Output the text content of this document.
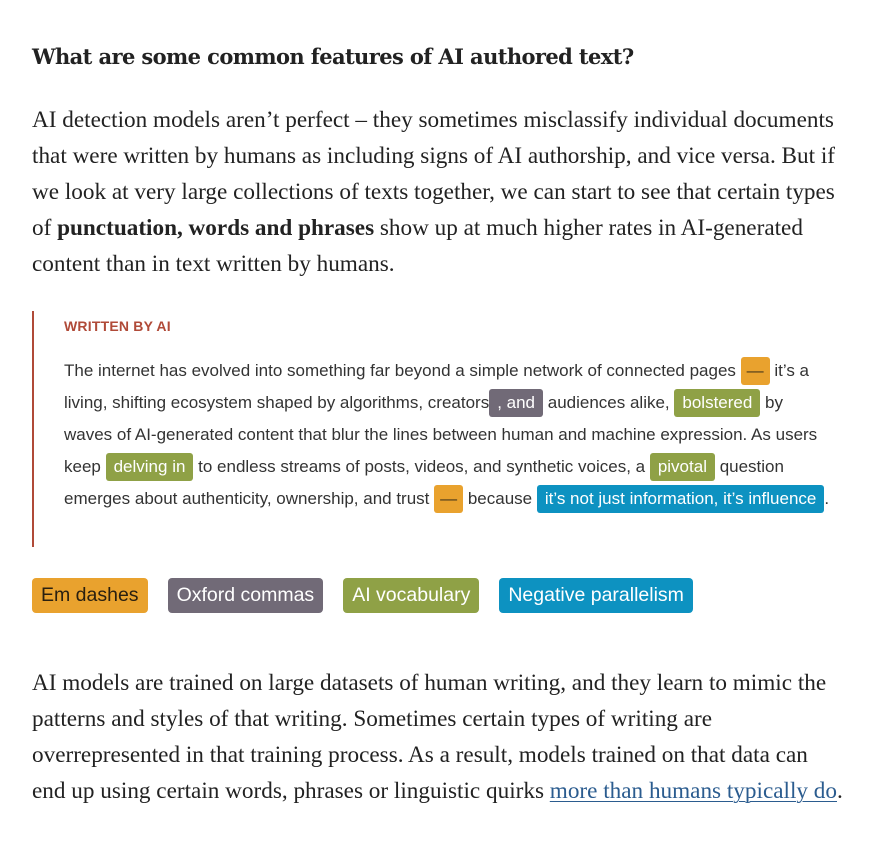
What are some common features of AI authored text?

AI detection models aren’t perfect – they sometimes misclassify individual documents that were written by humans as including signs of AI authorship, and vice versa. But if we look at very large collections of texts together, we can start to see that certain types of punctuation, words and phrases show up at much higher rates in AI-generated content than in text written by humans.

WRITTEN BY AI

The internet has evolved into something far beyond a simple network of connected pages — it’s a living, shifting ecosystem shaped by algorithms, creators , and audiences alike, bolstered by waves of AI-generated content that blur the lines between human and machine expression. As users keep delving in to endless streams of posts, videos, and synthetic voices, a pivotal question emerges about authenticity, ownership, and trust — because it’s not just information, it’s influence .

Em dashes	Oxford commas	AI vocabulary	Negative parallelism

AI models are trained on large datasets of human writing, and they learn to mimic the patterns and styles of that writing. Sometimes certain types of writing are overrepresented in that training process. As a result, models trained on that data can end up using certain words, phrases or linguistic quirks more than humans typically do.
